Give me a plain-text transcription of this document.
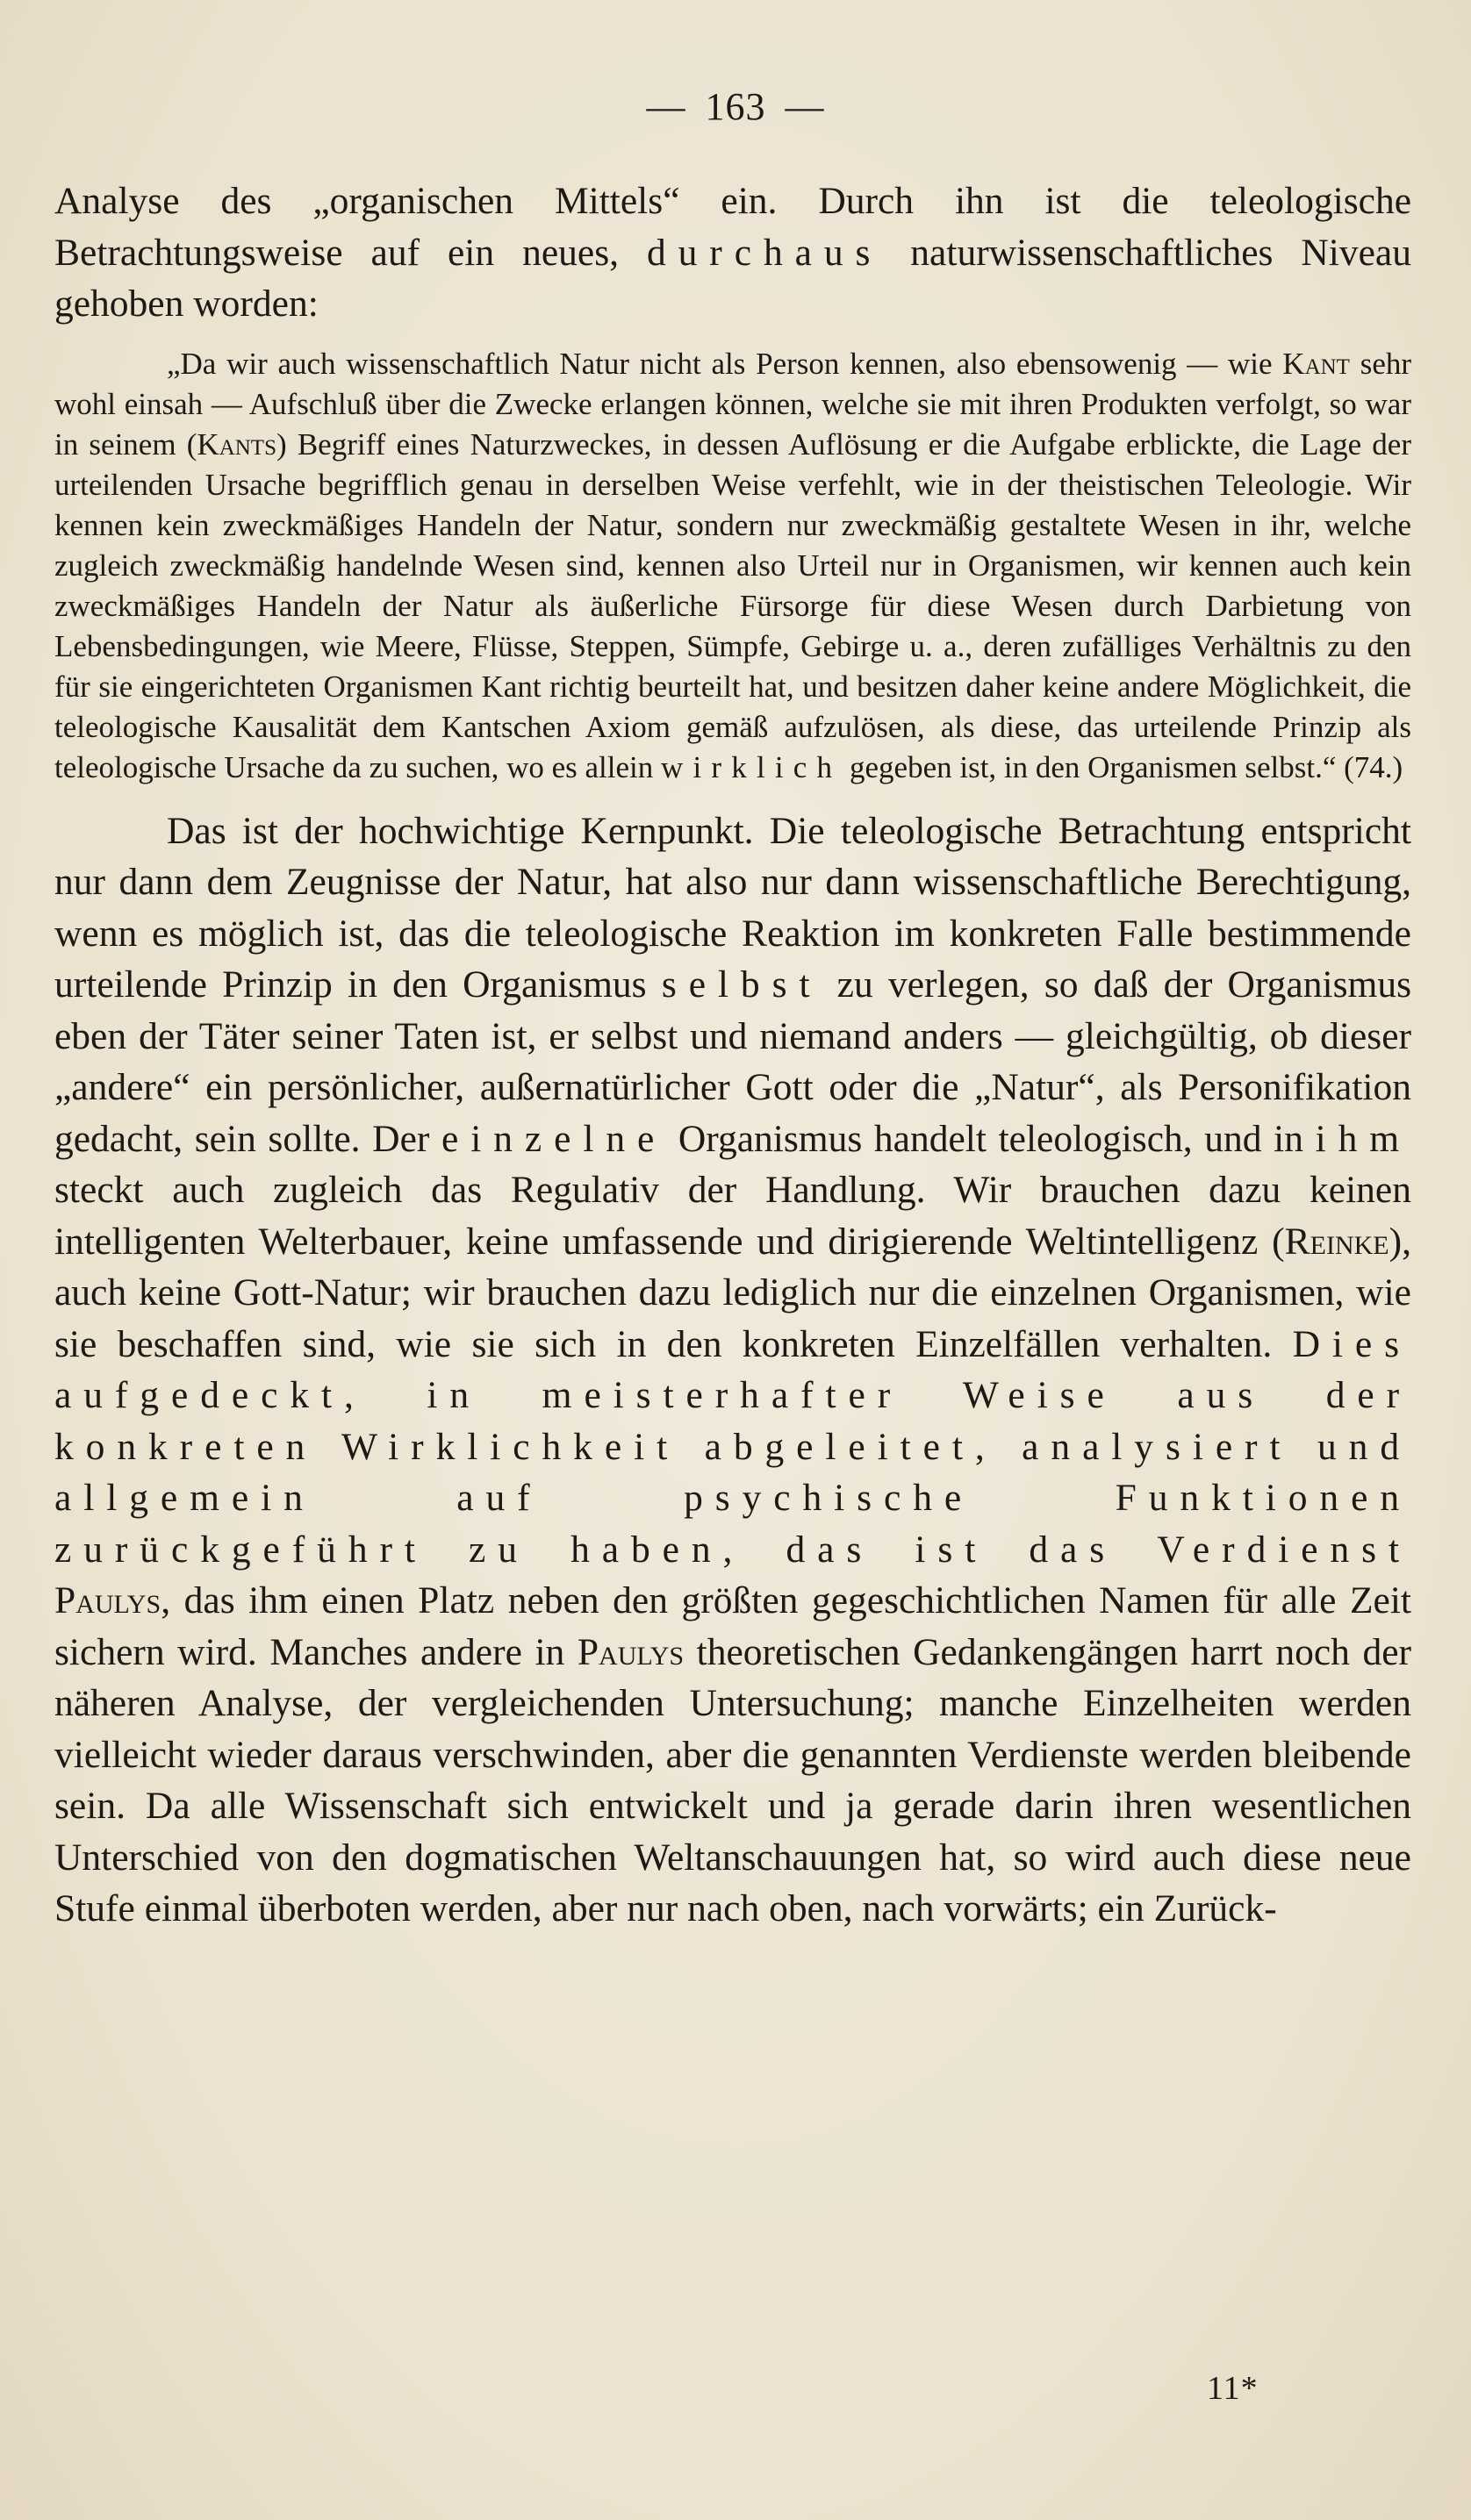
— 163 —

Analyse des „organischen Mittels“ ein. Durch ihn ist die teleologische Betrachtungsweise auf ein neues, durchaus naturwissenschaftliches Niveau gehoben worden:

„Da wir auch wissenschaftlich Natur nicht als Person kennen, also ebensowenig — wie Kant sehr wohl einsah — Aufschluß über die Zwecke erlangen können, welche sie mit ihren Produkten verfolgt, so war in seinem (Kants) Begriff eines Naturzweckes, in dessen Auflösung er die Aufgabe erblickte, die Lage der urteilenden Ursache begrifflich genau in derselben Weise verfehlt, wie in der theistischen Teleologie. Wir kennen kein zweckmäßiges Handeln der Natur, sondern nur zweckmäßig gestaltete Wesen in ihr, welche zugleich zweckmäßig handelnde Wesen sind, kennen also Urteil nur in Organismen, wir kennen auch kein zweckmäßiges Handeln der Natur als äußerliche Fürsorge für diese Wesen durch Darbietung von Lebensbedingungen, wie Meere, Flüsse, Steppen, Sümpfe, Gebirge u. a., deren zufälliges Verhältnis zu den für sie eingerichteten Organismen Kant richtig beurteilt hat, und besitzen daher keine andere Möglichkeit, die teleologische Kausalität dem Kantschen Axiom gemäß aufzulösen, als diese, das urteilende Prinzip als teleologische Ursache da zu suchen, wo es allein wirklich gegeben ist, in den Organismen selbst.“ (74.)

Das ist der hochwichtige Kernpunkt. Die teleologische Betrachtung entspricht nur dann dem Zeugnisse der Natur, hat also nur dann wissenschaftliche Berechtigung, wenn es möglich ist, das die teleologische Reaktion im konkreten Falle bestimmende urteilende Prinzip in den Organismus selbst zu verlegen, so daß der Organismus eben der Täter seiner Taten ist, er selbst und niemand anders — gleichgültig, ob dieser „andere“ ein persönlicher, außernatürlicher Gott oder die „Natur“, als Personifikation gedacht, sein sollte. Der einzelne Organismus handelt teleologisch, und in ihm steckt auch zugleich das Regulativ der Handlung. Wir brauchen dazu keinen intelligenten Welterbauer, keine umfassende und dirigierende Weltintelligenz (Reinke), auch keine Gott-Natur; wir brauchen dazu lediglich nur die einzelnen Organismen, wie sie beschaffen sind, wie sie sich in den konkreten Einzelfällen verhalten. Dies aufgedeckt, in meisterhafter Weise aus der konkreten Wirklichkeit abgeleitet, analysiert und allgemein auf psychische Funktionen zurückgeführt zu haben, das ist das Verdienst Paulys, das ihm einen Platz neben den größten gegeschichtlichen Namen für alle Zeit sichern wird. Manches andere in Paulys theoretischen Gedankengängen harrt noch der näheren Analyse, der vergleichenden Untersuchung; manche Einzelheiten werden vielleicht wieder daraus verschwinden, aber die genannten Verdienste werden bleibende sein. Da alle Wissenschaft sich entwickelt und ja gerade darin ihren wesentlichen Unterschied von den dogmatischen Weltanschauungen hat, so wird auch diese neue Stufe einmal überboten werden, aber nur nach oben, nach vorwärts; ein Zurück-

11*
